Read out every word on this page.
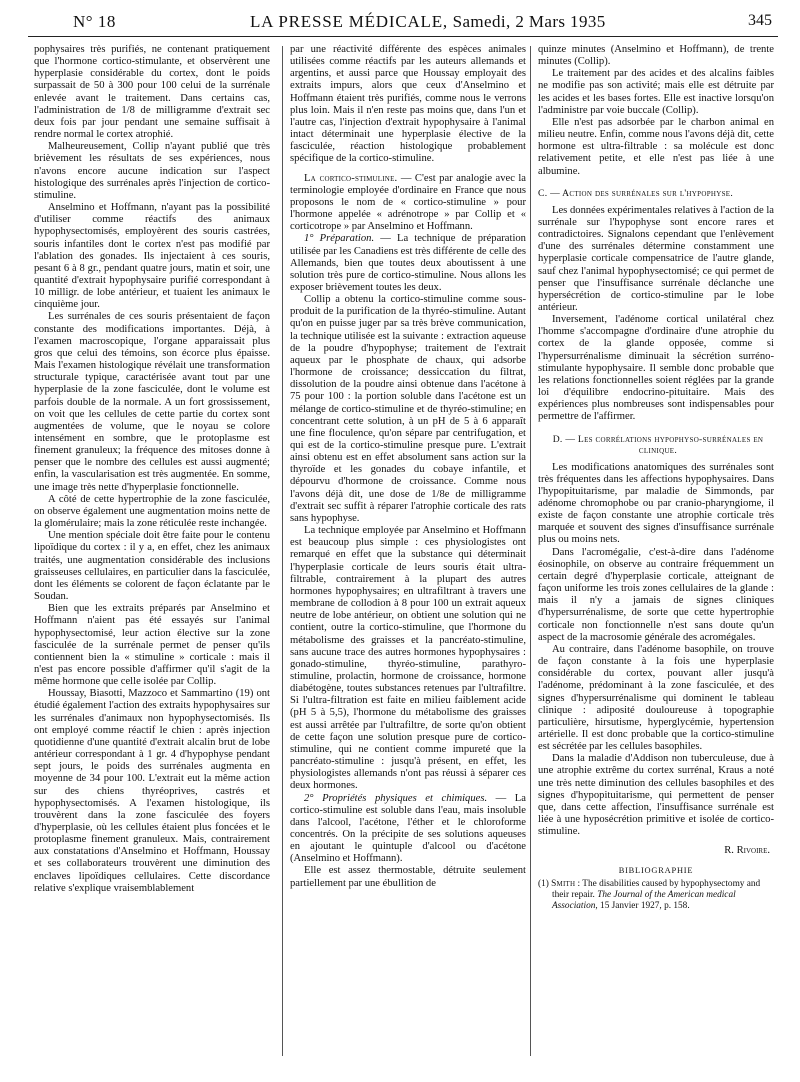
N° 18	LA PRESSE MÉDICALE, Samedi, 2 Mars 1935	345

pophysaires très purifiés, ne contenant pratiquement que l'hormone cortico-stimulante, et observèrent une hyperplasie considérable du cortex, dont le poids surpassait de 50 à 300 pour 100 celui de la surrénale enlevée avant le traitement. Dans certains cas, l'administration de 1/8 de milligramme d'extrait sec deux fois par jour pendant une semaine suffisait à rendre normal le cortex atrophié.

Malheureusement, Collip n'ayant publié que très brièvement les résultats de ses expériences, nous n'avons encore aucune indication sur l'aspect histologique des surrénales après l'injection de cortico-stimuline.

Anselmino et Hoffmann, n'ayant pas la possibilité d'utiliser comme réactifs des animaux hypophysectomisés, employèrent des souris castrées, souris infantiles dont le cortex n'est pas modifié par l'ablation des gonades. Ils injectaient à ces souris, pesant 6 à 8 gr., pendant quatre jours, matin et soir, une quantité d'extrait hypophysaire purifié correspondant à 10 milligr. de lobe antérieur, et tuaient les animaux le cinquième jour.

Les surrénales de ces souris présentaient de façon constante des modifications importantes. Déjà, à l'examen macroscopique, l'organe apparaissait plus gros que celui des témoins, son écorce plus épaisse. Mais l'examen histologique révélait une transformation structurale typique, caractérisée avant tout par une hyperplasie de la zone fasciculée, dont le volume est parfois double de la normale. A un fort grossissement, on voit que les cellules de cette partie du cortex sont augmentées de volume, que le noyau se colore intensément en sombre, que le protoplasme est finement granuleux; la fréquence des mitoses donne à penser que le nombre des cellules est aussi augmenté; enfin, la vascularisation est très augmentée. En somme, une image très nette d'hyperplasie fonctionnelle.

A côté de cette hypertrophie de la zone fasciculée, on observe également une augmentation moins nette de la glomérulaire; mais la zone réticulée reste inchangée.

Une mention spéciale doit être faite pour le contenu lipoïdique du cortex : il y a, en effet, chez les animaux traités, une augmentation considérable des inclusions graisseuses cellulaires, en particulier dans la fasciculée, dont les éléments se colorent de façon éclatante par le Soudan.

Bien que les extraits préparés par Anselmino et Hoffmann n'aient pas été essayés sur l'animal hypophysectomisé, leur action élective sur la zone fasciculée de la surrénale permet de penser qu'ils contiennent bien la « stimuline » corticale : mais il n'est pas encore possible d'affirmer qu'il s'agit de la même hormone que celle isolée par Collip.

Houssay, Biasotti, Mazzoco et Sammartino (19) ont étudié également l'action des extraits hypophysaires sur les surrénales d'animaux non hypophysectomisés. Ils ont employé comme réactif le chien : après injection quotidienne d'une quantité d'extrait alcalin brut de lobe antérieur correspondant à 1 gr. 4 d'hypophyse pendant sept jours, le poids des surrénales augmenta en moyenne de 34 pour 100. L'extrait eut la même action sur des chiens thyréoprives, castrés et hypophysectomisés. A l'examen histologique, ils trouvèrent dans la zone fasciculée des foyers d'hyperplasie, où les cellules étaient plus foncées et le protoplasme finement granuleux. Mais, contrairement aux constatations d'Anselmino et Hoffmann, Houssay et ses collaborateurs trouvèrent une diminution des enclaves lipoïdiques cellulaires. Cette discordance relative s'explique vraisemblablement

par une réactivité différente des espèces animales utilisées comme réactifs par les auteurs allemands et argentins, et aussi parce que Houssay employait des extraits impurs, alors que ceux d'Anselmino et Hoffmann étaient très purifiés, comme nous le verrons plus loin. Mais il n'en reste pas moins que, dans l'un et l'autre cas, l'injection d'extrait hypophysaire à l'animal intact déterminait une hyperplasie élective de la fasciculée, réaction histologique probablement spécifique de la cortico-stimuline.

La cortico-stimuline. — C'est par analogie avec la terminologie employée d'ordinaire en France que nous proposons le nom de « cortico-stimuline » pour l'hormone appelée « adrénotrope » par Collip et « corticotrope » par Anselmino et Hoffmann.

1° Préparation. — La technique de préparation utilisée par les Canadiens est très différente de celle des Allemands, bien que toutes deux aboutissent à une solution très pure de cortico-stimuline. Nous allons les exposer brièvement toutes les deux.

Collip a obtenu la cortico-stimuline comme sous-produit de la purification de la thyréo-stimuline. Autant qu'on en puisse juger par sa très brève communication, la technique utilisée est la suivante : extraction aqueuse de la poudre d'hypophyse; traitement de l'extrait aqueux par le phosphate de chaux, qui adsorbe l'hormone de croissance; dessiccation du filtrat, dissolution de la poudre ainsi obtenue dans l'acétone à 75 pour 100 : la portion soluble dans l'acétone est un mélange de cortico-stimuline et de thyréo-stimuline; en concentrant cette solution, à un pH de 5 à 6 apparaît une fine floculence, qu'on sépare par centrifugation, et qui est de la cortico-stimuline presque pure. L'extrait ainsi obtenu est en effet absolument sans action sur la thyroïde et les gonades du cobaye infantile, et dépourvu d'hormone de croissance. Comme nous l'avons déjà dit, une dose de 1/8e de milligramme d'extrait sec suffit à réparer l'atrophie corticale des rats sans hypophyse.

La technique employée par Anselmino et Hoffmann est beaucoup plus simple : ces physiologistes ont remarqué en effet que la substance qui déterminait l'hyperplasie corticale de leurs souris était ultra-filtrable, contrairement à la plupart des autres hormones hypophysaires; en ultrafiltrant à travers une membrane de collodion à 8 pour 100 un extrait aqueux neutre de lobe antérieur, on obtient une solution qui ne contient, outre la cortico-stimuline, que l'hormone du métabolisme des graisses et la pancréato-stimuline, sans aucune trace des autres hormones hypophysaires : gonado-stimuline, thyréo-stimuline, parathyro-stimuline, prolactin, hormone de croissance, hormone diabétogène, toutes substances retenues par l'ultrafiltre. Si l'ultra-filtration est faite en milieu faiblement acide (pH 5 à 5,5), l'hormone du métabolisme des graisses est aussi arrêtée par l'ultrafiltre, de sorte qu'on obtient de cette façon une solution presque pure de cortico-stimuline, qui ne contient comme impureté que la pancréato-stimuline : jusqu'à présent, en effet, les physiologistes allemands n'ont pas réussi à séparer ces deux hormones.

2° Propriétés physiques et chimiques. — La cortico-stimuline est soluble dans l'eau, mais insoluble dans l'alcool, l'acétone, l'éther et le chloroforme concentrés. On la précipite de ses solutions aqueuses en ajoutant le quintuple d'alcool ou d'acétone (Anselmino et Hoffmann).

Elle est assez thermostable, détruite seulement partiellement par une ébullition de

quinze minutes (Anselmino et Hoffmann), de trente minutes (Collip).

Le traitement par des acides et des alcalins faibles ne modifie pas son activité; mais elle est détruite par les acides et les bases fortes. Elle est inactive lorsqu'on l'administre par voie buccale (Collip).

Elle n'est pas adsorbée par le charbon animal en milieu neutre. Enfin, comme nous l'avons déjà dit, cette hormone est ultra-filtrable : sa molécule est donc relativement petite, et elle n'est pas liée à une albumine.

C. — Action des surrénales sur l'hypophyse.

Les données expérimentales relatives à l'action de la surrénale sur l'hypophyse sont encore rares et contradictoires. Signalons cependant que l'enlèvement d'une des surrénales détermine constamment une hyperplasie corticale compensatrice de l'autre glande, sauf chez l'animal hypophysectomisé; ce qui permet de penser que l'insuffisance surrénale déclanche une hypersécrétion de cortico-stimuline par le lobe antérieur.

Inversement, l'adénome cortical unilatéral chez l'homme s'accompagne d'ordinaire d'une atrophie du cortex de la glande opposée, comme si l'hypersurrénalisme diminuait la sécrétion surréno-stimulante hypophysaire. Il semble donc probable que les relations fonctionnelles soient réglées par la grande loi d'équilibre endocrino-pituitaire. Mais des expériences plus nombreuses sont indispensables pour permettre de l'affirmer.

D. — Les corrélations hypophyso-surrénales en clinique.

Les modifications anatomiques des surrénales sont très fréquentes dans les affections hypophysaires. Dans l'hypopituitarisme, par maladie de Simmonds, par adénome chromophobe ou par cranio-pharyngiome, il existe de façon constante une atrophie corticale très marquée et souvent des signes d'insuffisance surrénale plus ou moins nets.

Dans l'acromégalie, c'est-à-dire dans l'adénome éosinophile, on observe au contraire fréquemment un certain degré d'hyperplasie corticale, atteignant de façon uniforme les trois zones cellulaires de la glande : mais il n'y a jamais de signes cliniques d'hypersurrénalisme, de sorte que cette hypertrophie corticale non fonctionnelle n'est sans doute qu'un aspect de la macrosomie générale des acromégales.

Au contraire, dans l'adénome basophile, on trouve de façon constante à la fois une hyperplasie considérable du cortex, pouvant aller jusqu'à l'adénome, prédominant à la zone fasciculée, et des signes d'hypersurrénalisme qui dominent le tableau clinique : adiposité douloureuse à topographie particulière, hirsutisme, hyperglycémie, hypertension artérielle. Il est donc probable que la cortico-stimuline est sécrétée par les cellules basophiles.

Dans la maladie d'Addison non tuberculeuse, due à une atrophie extrême du cortex surrénal, Kraus a noté une très nette diminution des cellules basophiles et des signes d'hypopituitarisme, qui permettent de penser que, dans cette affection, l'insuffisance surrénale est liée à une hyposécrétion primitive et isolée de cortico-stimuline.

R. Rivoire.

BIBLIOGRAPHIE

(1) Smith : The disabilities caused by hypophysectomy and their repair. The Journal of the American medical Association, 15 Janvier 1927, p. 158.
